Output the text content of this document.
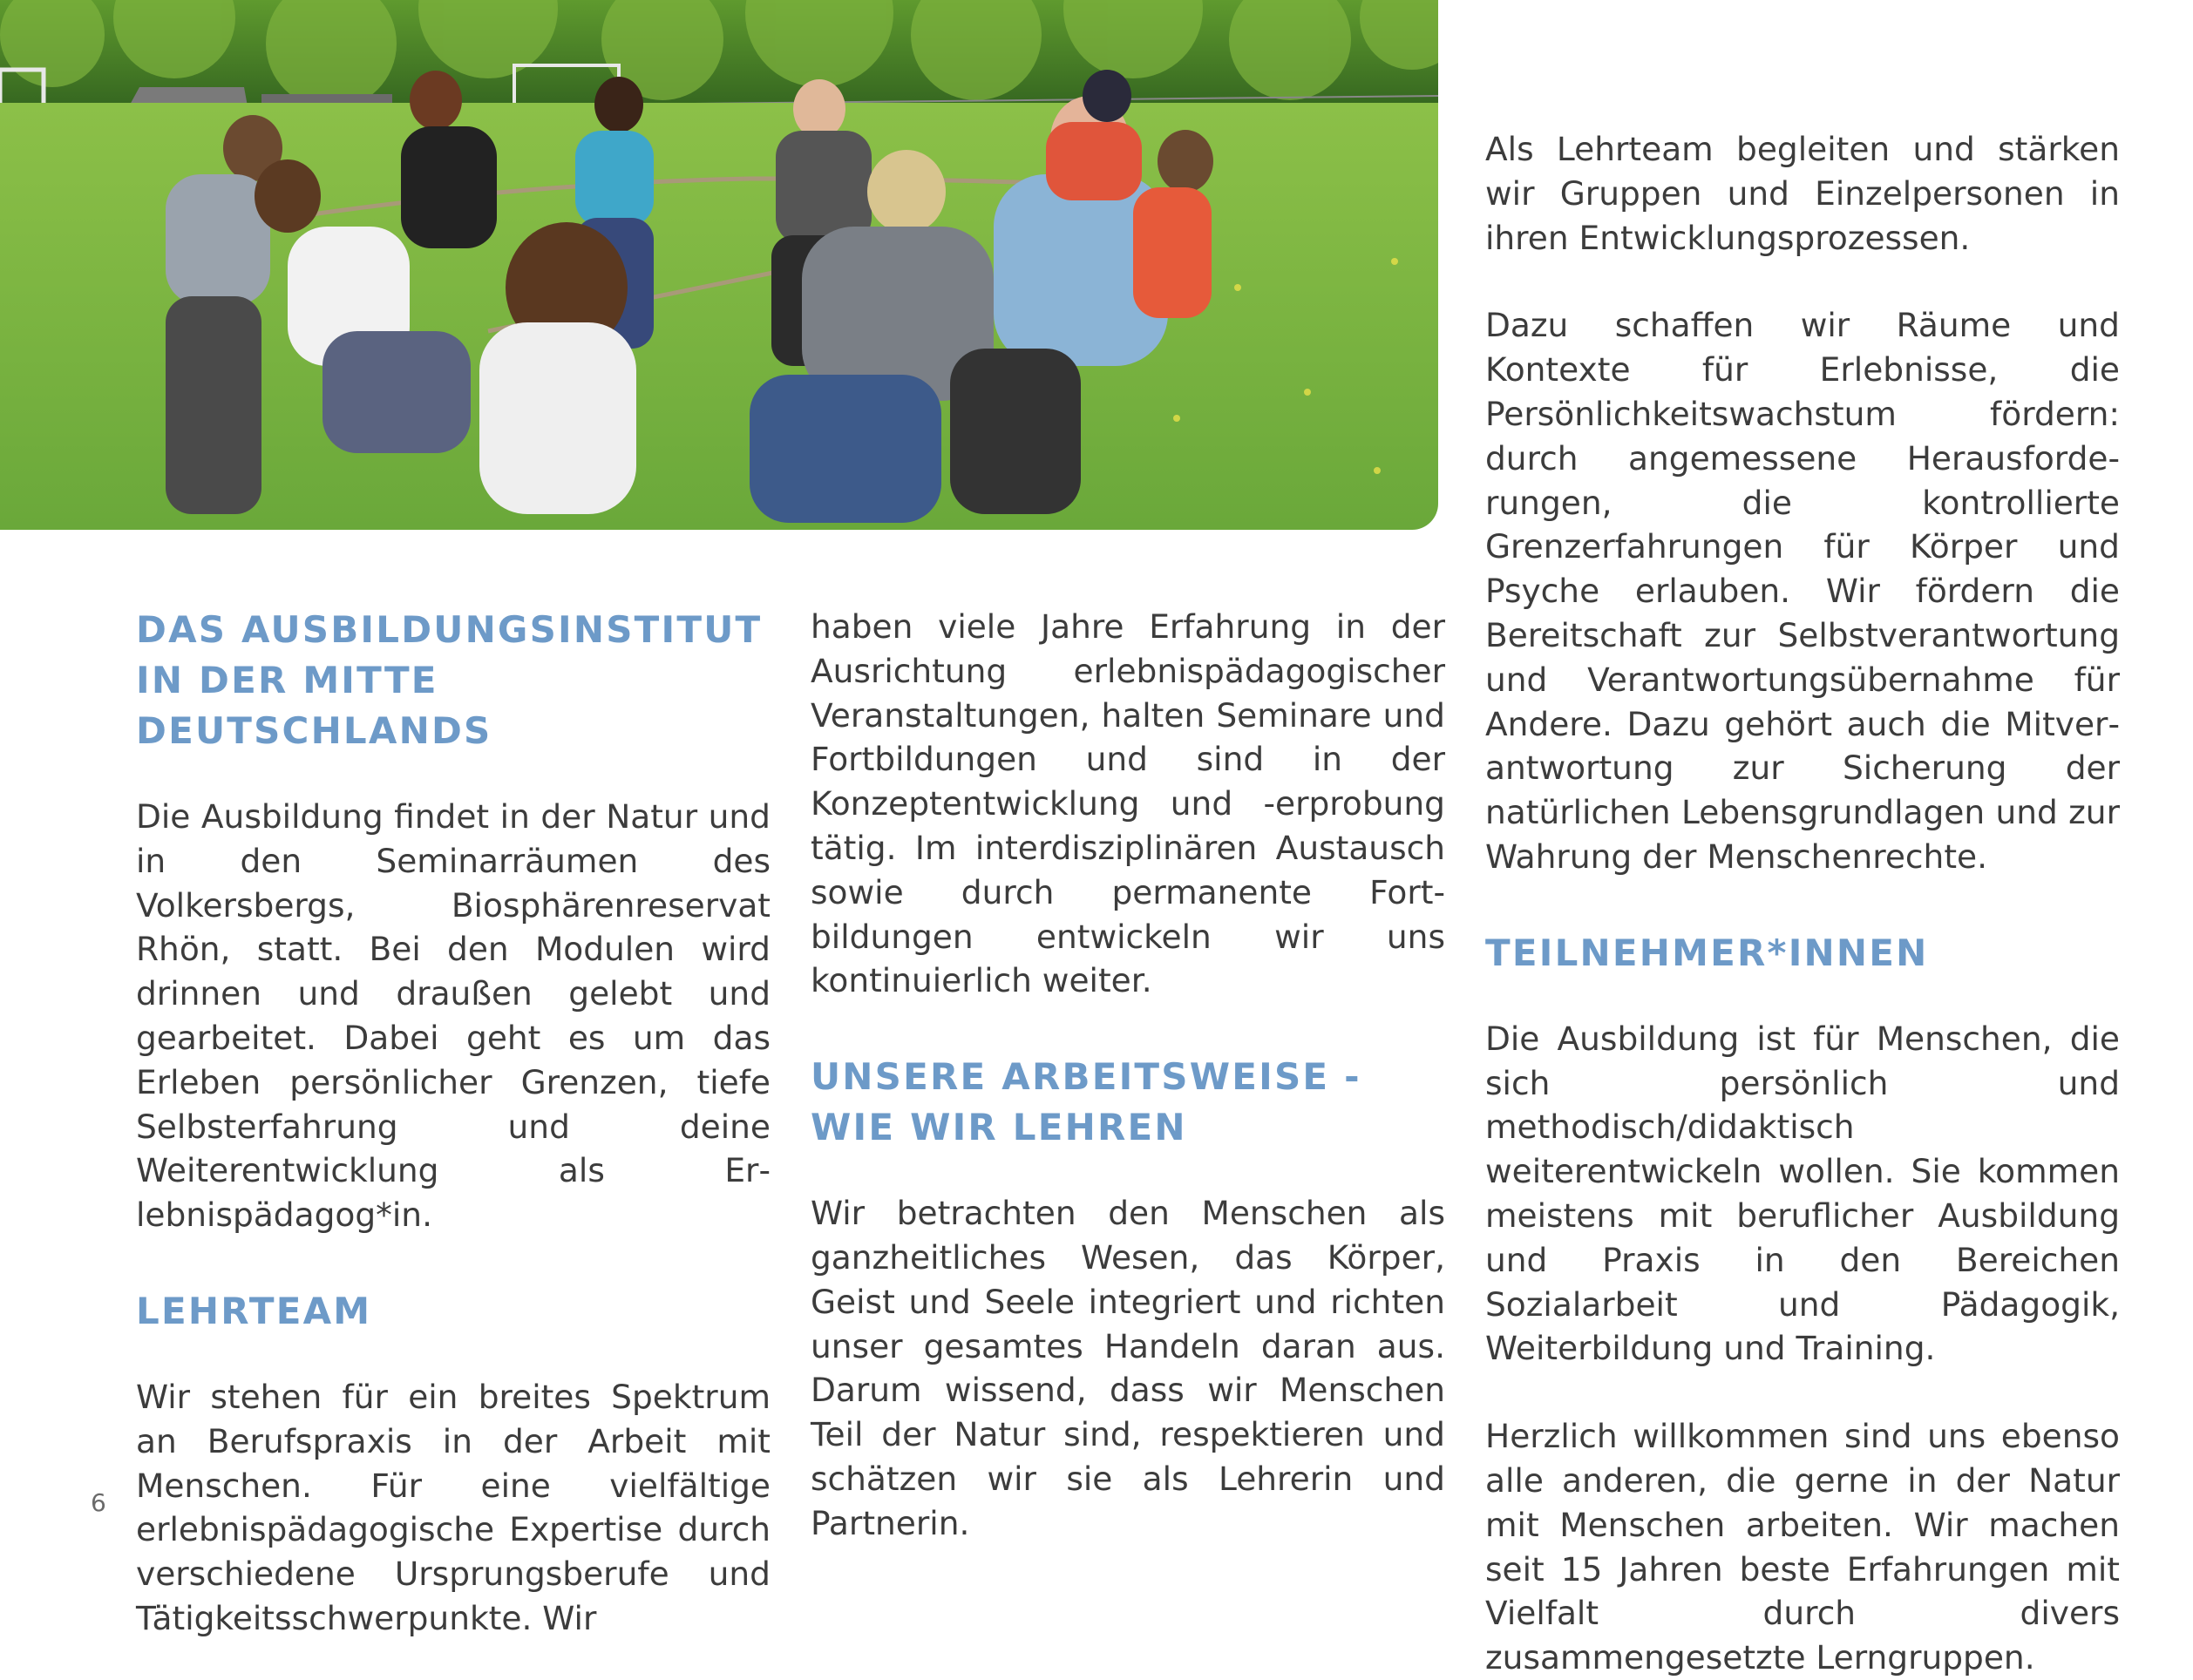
DAS AUSBILDUNGSINSTITUT IN DER MITTE DEUTSCHLANDS

Die Ausbildung findet in der Natur und in den Seminarräumen des Volkersbergs, Biosphärenreservat Rhön, statt. Bei den Modulen wird drinnen und draußen gelebt und gearbeitet. Dabei geht es um das Erleben persönlicher Grenzen, tiefe Selbsterfahrung und deine Weiterentwicklung als Erlebnispädagog*in.

LEHRTEAM

Wir stehen für ein breites Spektrum an Berufspraxis in der Arbeit mit Menschen. Für eine vielfältige erlebnispädagogische Expertise durch verschiedene Ursprungsberufe und Tätigkeitsschwerpunkte. Wir

haben viele Jahre Erfahrung in der Ausrichtung erlebnispädagogischer Veranstaltungen, halten Seminare und Fortbildungen und sind in der Konzeptentwicklung und -erprobung tätig. Im interdisziplinären Austausch sowie durch permanente Fortbildungen entwickeln wir uns kontinuierlich weiter.

UNSERE ARBEITSWEISE - WIE WIR LEHREN

Wir betrachten den Menschen als ganzheitliches Wesen, das Körper, Geist und Seele integriert und richten unser gesamtes Handeln daran aus. Darum wissend, dass wir Menschen Teil der Natur sind, respektieren und schätzen wir sie als Lehrerin und Partnerin.

Als Lehrteam begleiten und stärken wir Gruppen und Einzelpersonen in ihren Entwicklungsprozessen.

Dazu schaffen wir Räume und Kontexte für Erlebnisse, die Persönlichkeitswachstum fördern: durch angemessene Herausforderungen, die kontrollierte Grenzerfahrungen für Körper und Psyche erlauben. Wir fördern die Bereitschaft zur Selbstverantwortung und Verantwortungsübernahme für Andere. Dazu gehört auch die Mitverantwortung zur Sicherung der natürlichen Lebensgrundlagen und zur Wahrung der Menschenrechte.

TEILNEHMER*INNEN

Die Ausbildung ist für Menschen, die sich persönlich und methodisch/didaktisch weiterentwickeln wollen. Sie kommen meistens mit beruflicher Ausbildung und Praxis in den Bereichen Sozialarbeit und Pädagogik, Weiterbildung und Training.

Herzlich willkommen sind uns ebenso alle anderen, die gerne in der Natur mit Menschen arbeiten. Wir machen seit 15 Jahren beste Erfahrungen mit Vielfalt durch divers zusammengesetzte Lerngruppen.

6
